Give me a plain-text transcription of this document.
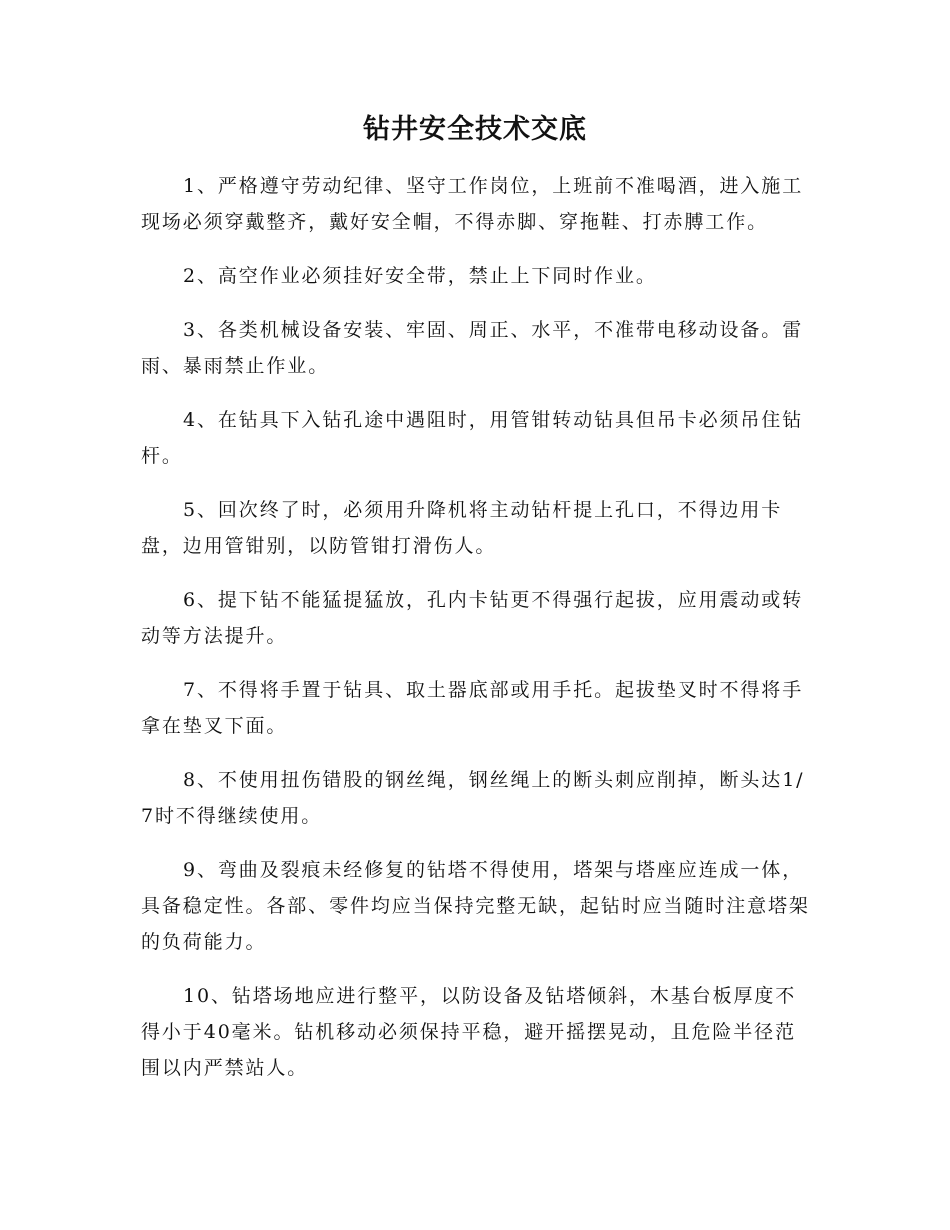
钻井安全技术交底

1、严格遵守劳动纪律、坚守工作岗位，上班前不准喝酒，进入施工现场必须穿戴整齐，戴好安全帽，不得赤脚、穿拖鞋、打赤膊工作。

2、高空作业必须挂好安全带，禁止上下同时作业。

3、各类机械设备安装、牢固、周正、水平，不准带电移动设备。雷雨、暴雨禁止作业。

4、在钻具下入钻孔途中遇阻时，用管钳转动钻具但吊卡必须吊住钻杆。

5、回次终了时，必须用升降机将主动钻杆提上孔口，不得边用卡盘，边用管钳别，以防管钳打滑伤人。

6、提下钻不能猛提猛放，孔内卡钻更不得强行起拔，应用震动或转动等方法提升。

7、不得将手置于钻具、取土器底部或用手托。起拔垫叉时不得将手拿在垫叉下面。

8、不使用扭伤错股的钢丝绳，钢丝绳上的断头刺应削掉，断头达1/7时不得继续使用。

9、弯曲及裂痕未经修复的钻塔不得使用，塔架与塔座应连成一体，具备稳定性。各部、零件均应当保持完整无缺，起钻时应当随时注意塔架的负荷能力。

10、钻塔场地应进行整平，以防设备及钻塔倾斜，木基台板厚度不得小于40毫米。钻机移动必须保持平稳，避开摇摆晃动，且危险半径范围以内严禁站人。
